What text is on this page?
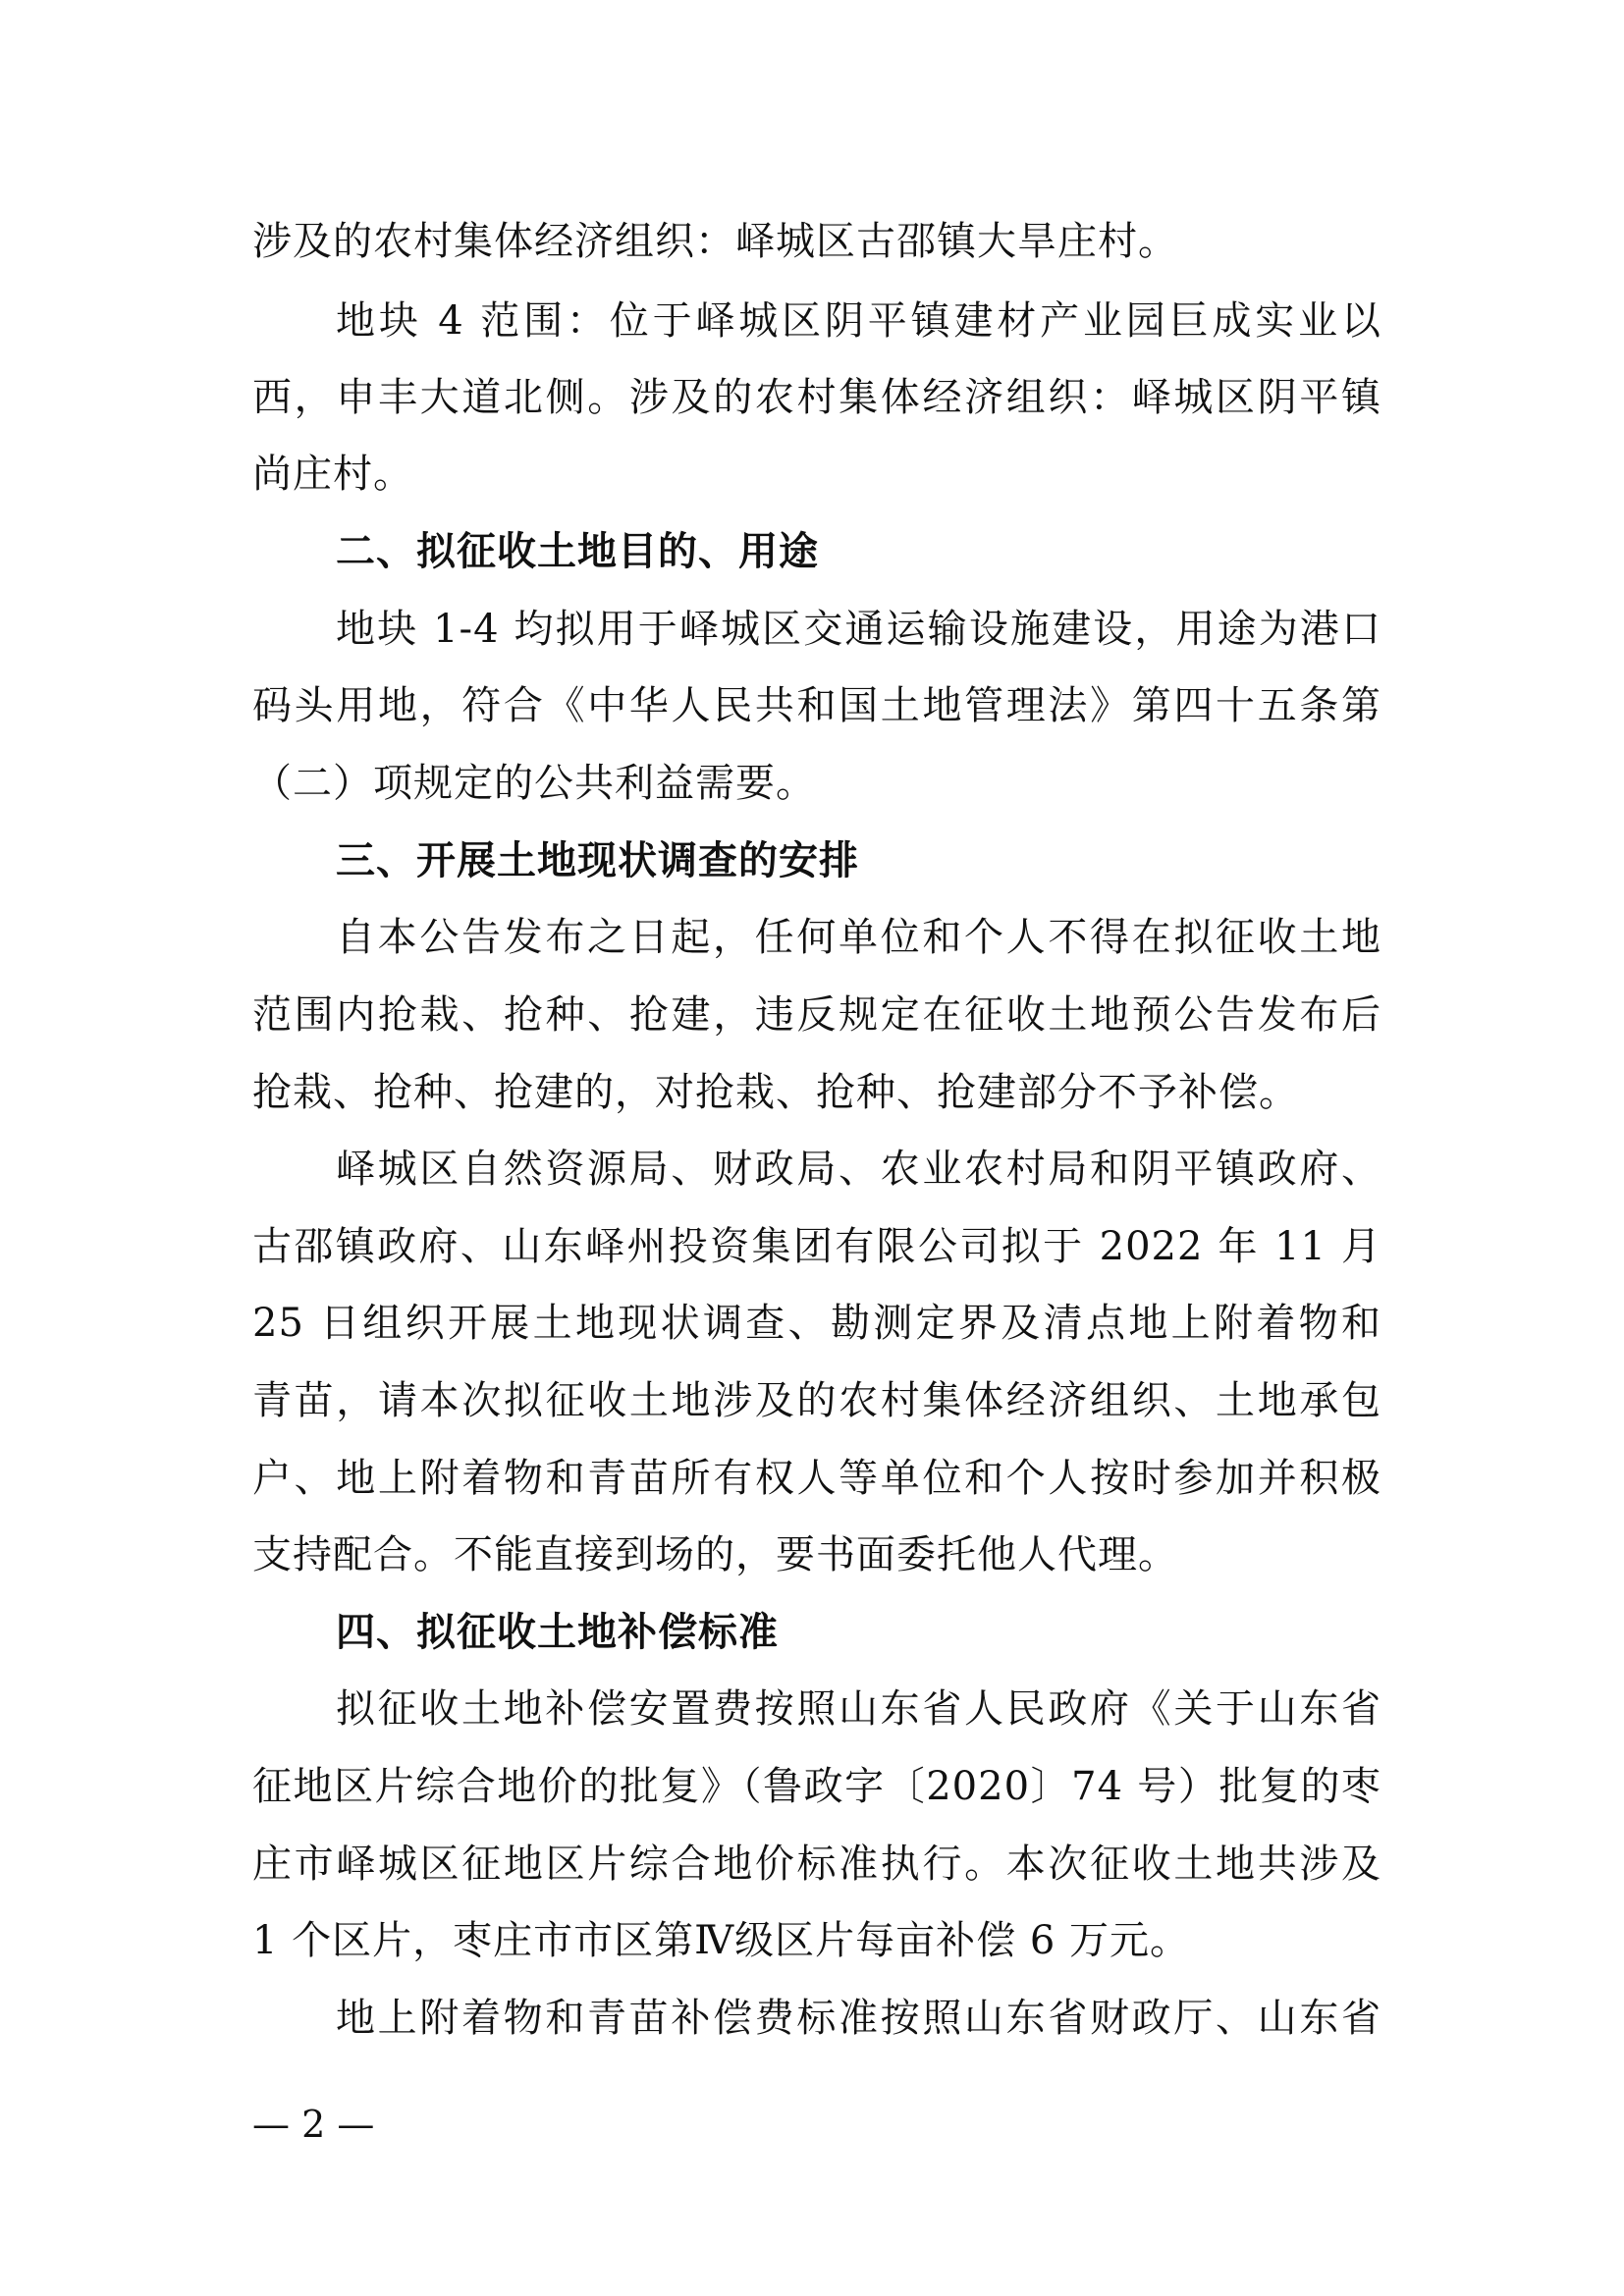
涉及的农村集体经济组织：峄城区古邵镇大旱庄村。
地块 4 范围：位于峄城区阴平镇建材产业园巨成实业以
西，申丰大道北侧。涉及的农村集体经济组织：峄城区阴平镇
尚庄村。
二、拟征收土地目的、用途
地块 1-4 均拟用于峄城区交通运输设施建设，用途为港口
码头用地，符合《中华人民共和国土地管理法》第四十五条第
（二）项规定的公共利益需要。
三、开展土地现状调查的安排
自本公告发布之日起，任何单位和个人不得在拟征收土地
范围内抢栽、抢种、抢建，违反规定在征收土地预公告发布后
抢栽、抢种、抢建的，对抢栽、抢种、抢建部分不予补偿。
峄城区自然资源局、财政局、农业农村局和阴平镇政府、
古邵镇政府、山东峄州投资集团有限公司拟于 2022 年 11 月
25 日组织开展土地现状调查、勘测定界及清点地上附着物和
青苗，请本次拟征收土地涉及的农村集体经济组织、土地承包
户、地上附着物和青苗所有权人等单位和个人按时参加并积极
支持配合。不能直接到场的，要书面委托他人代理。
四、拟征收土地补偿标准
拟征收土地补偿安置费按照山东省人民政府《关于山东省
征地区片综合地价的批复》（鲁政字〔2020〕74 号）批复的枣
庄市峄城区征地区片综合地价标准执行。本次征收土地共涉及
1 个区片，枣庄市市区第Ⅳ级区片每亩补偿 6 万元。
地上附着物和青苗补偿费标准按照山东省财政厅、山东省
— 2 —
